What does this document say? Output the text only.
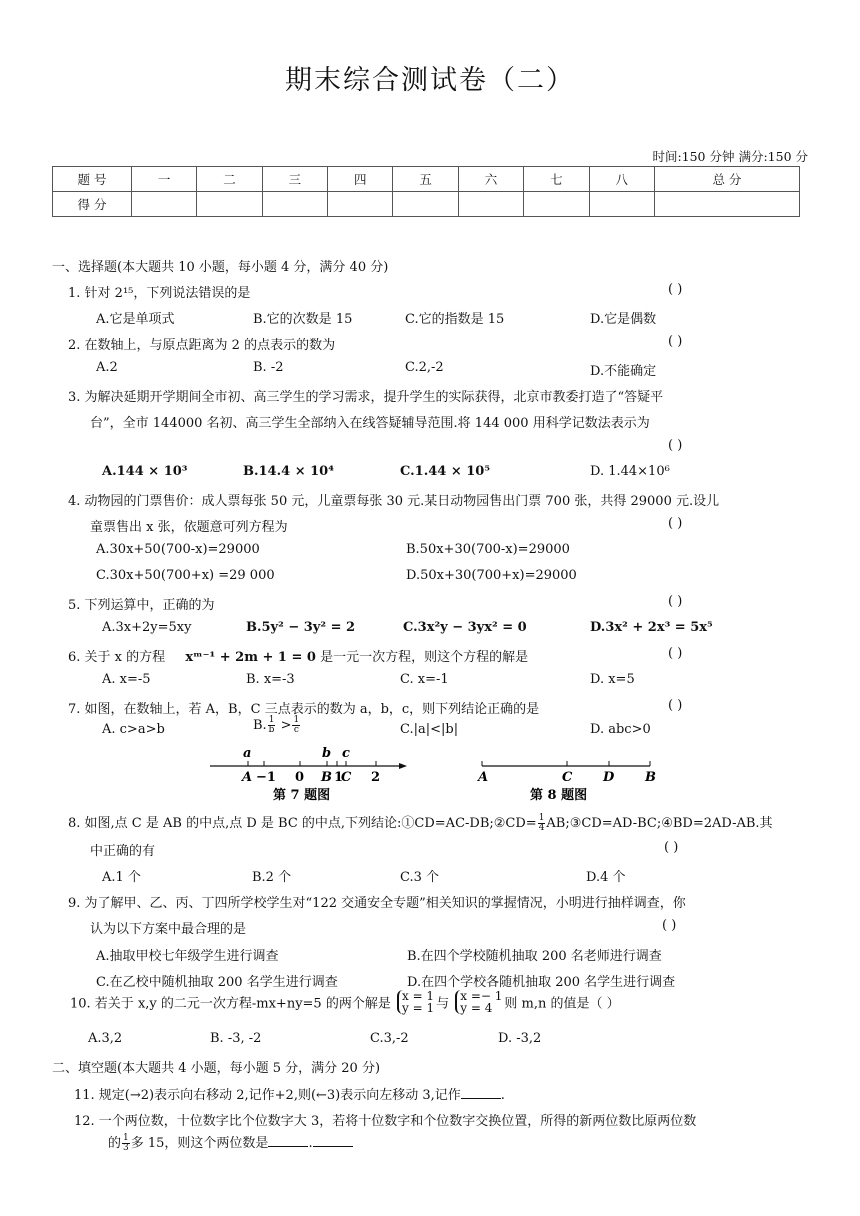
期末综合测试卷（二）
时间:150 分钟 满分:150 分
题 号	一	二	三	四	五	六	七	八	总 分
得 分									
一、选择题(本大题共 10 小题，每小题 4 分，满分 40 分)
1. 针对 2¹⁵，下列说法错误的是	( )
A.它是单项式	B.它的次数是 15	C.它的指数是 15	D.它是偶数
2. 在数轴上，与原点距离为 2 的点表示的数为	( )
A.2	B. -2	C.2,-2	D.不能确定
3. 为解决延期开学期间全市初、高三学生的学习需求，提升学生的实际获得，北京市教委打造了“答疑平
台”，全市 144000 名初、高三学生全部纳入在线答疑辅导范围.将 144 000 用科学记数法表示为
( )
A.144 × 10³	B.14.4 × 10⁴	C.1.44 × 10⁵	D. 1.44×10⁶
4. 动物园的门票售价：成人票每张 50 元，儿童票每张 30 元.某日动物园售出门票 700 张，共得 29000 元.设儿
童票售出 x 张，依题意可列方程为	( )
A.30x+50(700-x)=29000	B.50x+30(700-x)=29000
C.30x+50(700+x) =29 000	D.50x+30(700+x)=29000
5. 下列运算中，正确的为	( )
A.3x+2y=5xy	B.5y² − 3y² = 2	C.3x²y − 3yx² = 0	D.3x² + 2x³ = 5x⁵
6. 关于 x 的方程 xᵐ⁻¹ + 2m + 1 = 0 是一元一次方程，则这个方程的解是	( )
A. x=-5	B. x=-3	C. x=-1	D. x=5
7. 如图，在数轴上，若 A，B，C 三点表示的数为 a，b，c，则下列结论正确的是	( )
A. c>a>b	B. $\frac{1}{b} > \frac{1}{c}$	C.|a|<|b|	D. abc>0
a	b c
A −1 0 B 1
C 2
第 7 题图
A	C D B
第 8 题图
8. 如图,点 C 是 AB 的中点,点 D 是 BC 的中点,下列结论:①CD=AC-DB;②CD= $\frac{1}{4}$ AB;③CD=AD-BC;④BD=2AD-AB.其
中正确的有	( )
A.1 个	B.2 个	C.3 个	D.4 个
9. 为了解甲、乙、丙、丁四所学校学生对“122 交通安全专题”相关知识的掌握情况，小明进行抽样调查，你
认为以下方案中最合理的是	( )
A.抽取甲校七年级学生进行调查	B.在四个学校随机抽取 200 名老师进行调查
C.在乙校中随机抽取 200 名学生进行调查	D.在四个学校各随机抽取 200 名学生进行调查
10. 若关于 x,y 的二元一次方程-mx+ny=5 的两个解是
x = 1
y = 1 与
x =− 1
y = 4 则 m,n 的值是（ ）
A.3,2	B. -3, -2	C.3,-2	D. -3,2
二、填空题(本大题共 4 小题，每小题 5 分，满分 20 分)
11. 规定(→2)表示向右移动 2,记作+2,则(←3)表示向左移动 3,记作	.
12. 一个两位数，十位数字比个位数字大 3，若将十位数字和个位数字交换位置，所得的新两位数比原两位数
的 $\frac{1}{3}$ 多 15，则这个两位数是	.
